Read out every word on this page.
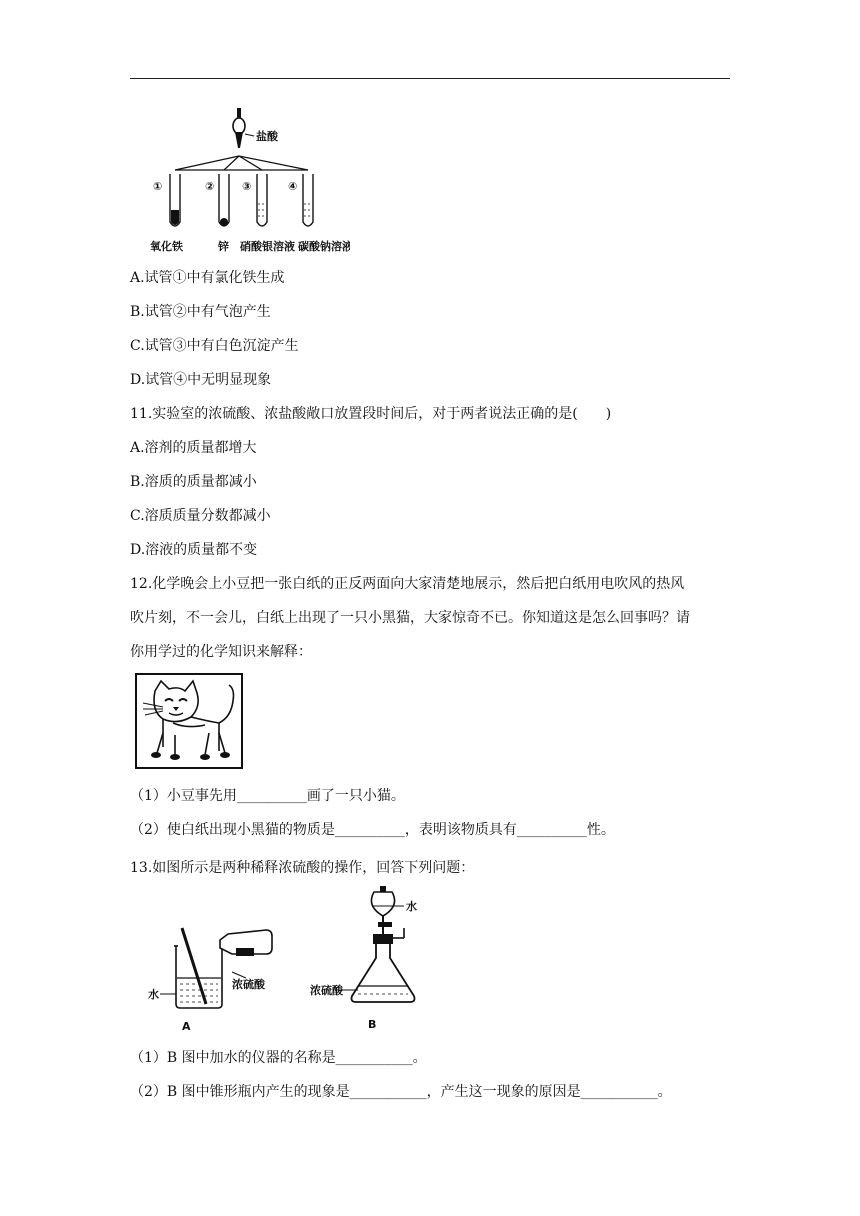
盐酸
①	②	③	④
氧化铁	锌 硝酸银溶液 碳酸钠溶液
A.试管①中有氯化铁生成
B.试管②中有气泡产生
C.试管③中有白色沉淀产生
D.试管④中无明显现象
11.实验室的浓硫酸、浓盐酸敞口放置段时间后，对于两者说法正确的是(　　)
A.溶剂的质量都增大
B.溶质的质量都减小
C.溶质质量分数都减小
D.溶液的质量都不变
12.化学晚会上小豆把一张白纸的正反两面向大家清楚地展示，然后把白纸用电吹风的热风
吹片刻，不一会儿，白纸上出现了一只小黑猫，大家惊奇不已。你知道这是怎么回事吗？请
你用学过的化学知识来解释：
（1）小豆事先用__________画了一只小猫。
（2）使白纸出现小黑猫的物质是__________，表明该物质具有__________性。
13.如图所示是两种稀释浓硫酸的操作，回答下列问题：
水
浓硫酸
A
水
浓硫酸
B
（1）B 图中加水的仪器的名称是___________。
（2）B 图中锥形瓶内产生的现象是___________，产生这一现象的原因是___________。
